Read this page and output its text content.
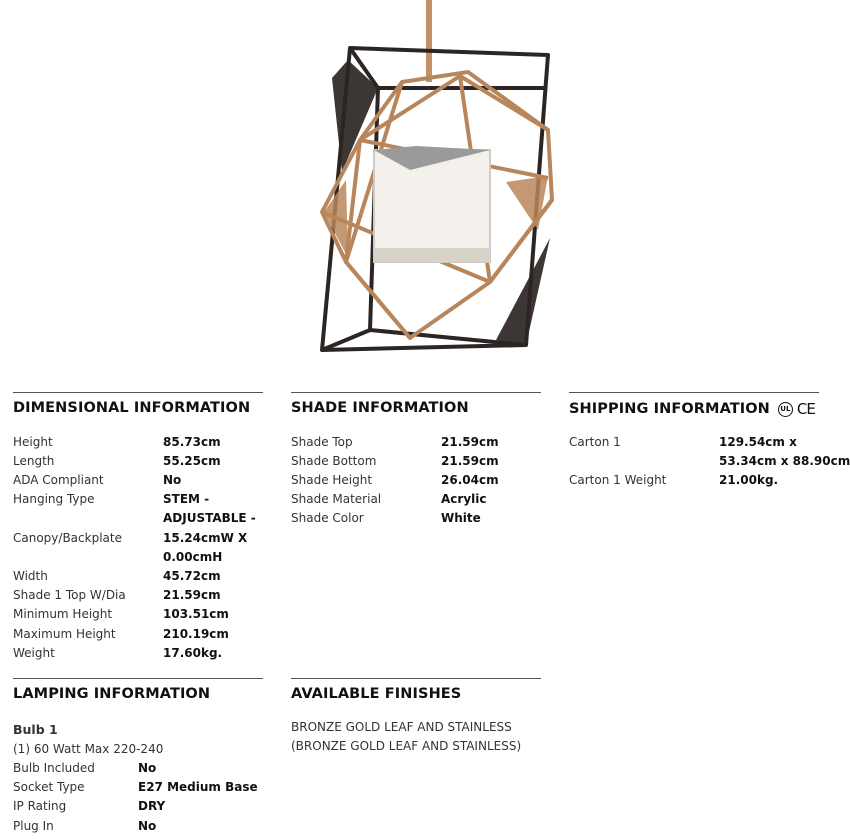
DIMENSIONAL INFORMATION
Height	85.73cm
Length	55.25cm
ADA Compliant	No
Hanging Type	STEM -
ADJUSTABLE -
Canopy/Backplate	15.24cmW X
0.00cmH
Width	45.72cm
Shade 1 Top W/Dia	21.59cm
Minimum Height	103.51cm
Maximum Height	210.19cm
Weight	17.60kg.
SHADE INFORMATION
Shade Top	21.59cm
Shade Bottom	21.59cm
Shade Height	26.04cm
Shade Material	Acrylic
Shade Color	White
SHIPPING INFORMATION	UL CE
Carton 1	129.54cm x
53.34cm x 88.90cm
Carton 1 Weight	21.00kg.
LAMPING INFORMATION
Bulb 1
(1) 60 Watt Max 220-240
Bulb Included	No
Socket Type	E27 Medium Base
IP Rating	DRY
Plug In	No
AVAILABLE FINISHES
BRONZE GOLD LEAF AND STAINLESS
(BRONZE GOLD LEAF AND STAINLESS)
